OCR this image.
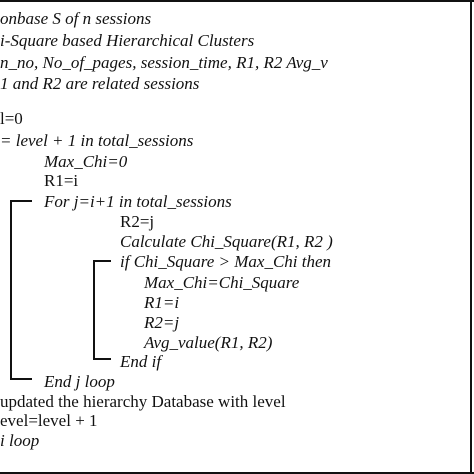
onbase S of n sessions
i-Square based Hierarchical Clusters
n_no, No_of_pages, session_time, R1, R2 Avg_v
1 and R2 are related sessions
l=0
= level + 1 in total_sessions
Max_Chi=0
R1=i
For j=i+1 in total_sessions
R2=j
Calculate Chi_Square(R1, R2 )
if Chi_Square > Max_Chi then
Max_Chi=Chi_Square
R1=i
R2=j
Avg_value(R1, R2)
End if
End j loop
updated the hierarchy Database with level
evel=level + 1
i loop
